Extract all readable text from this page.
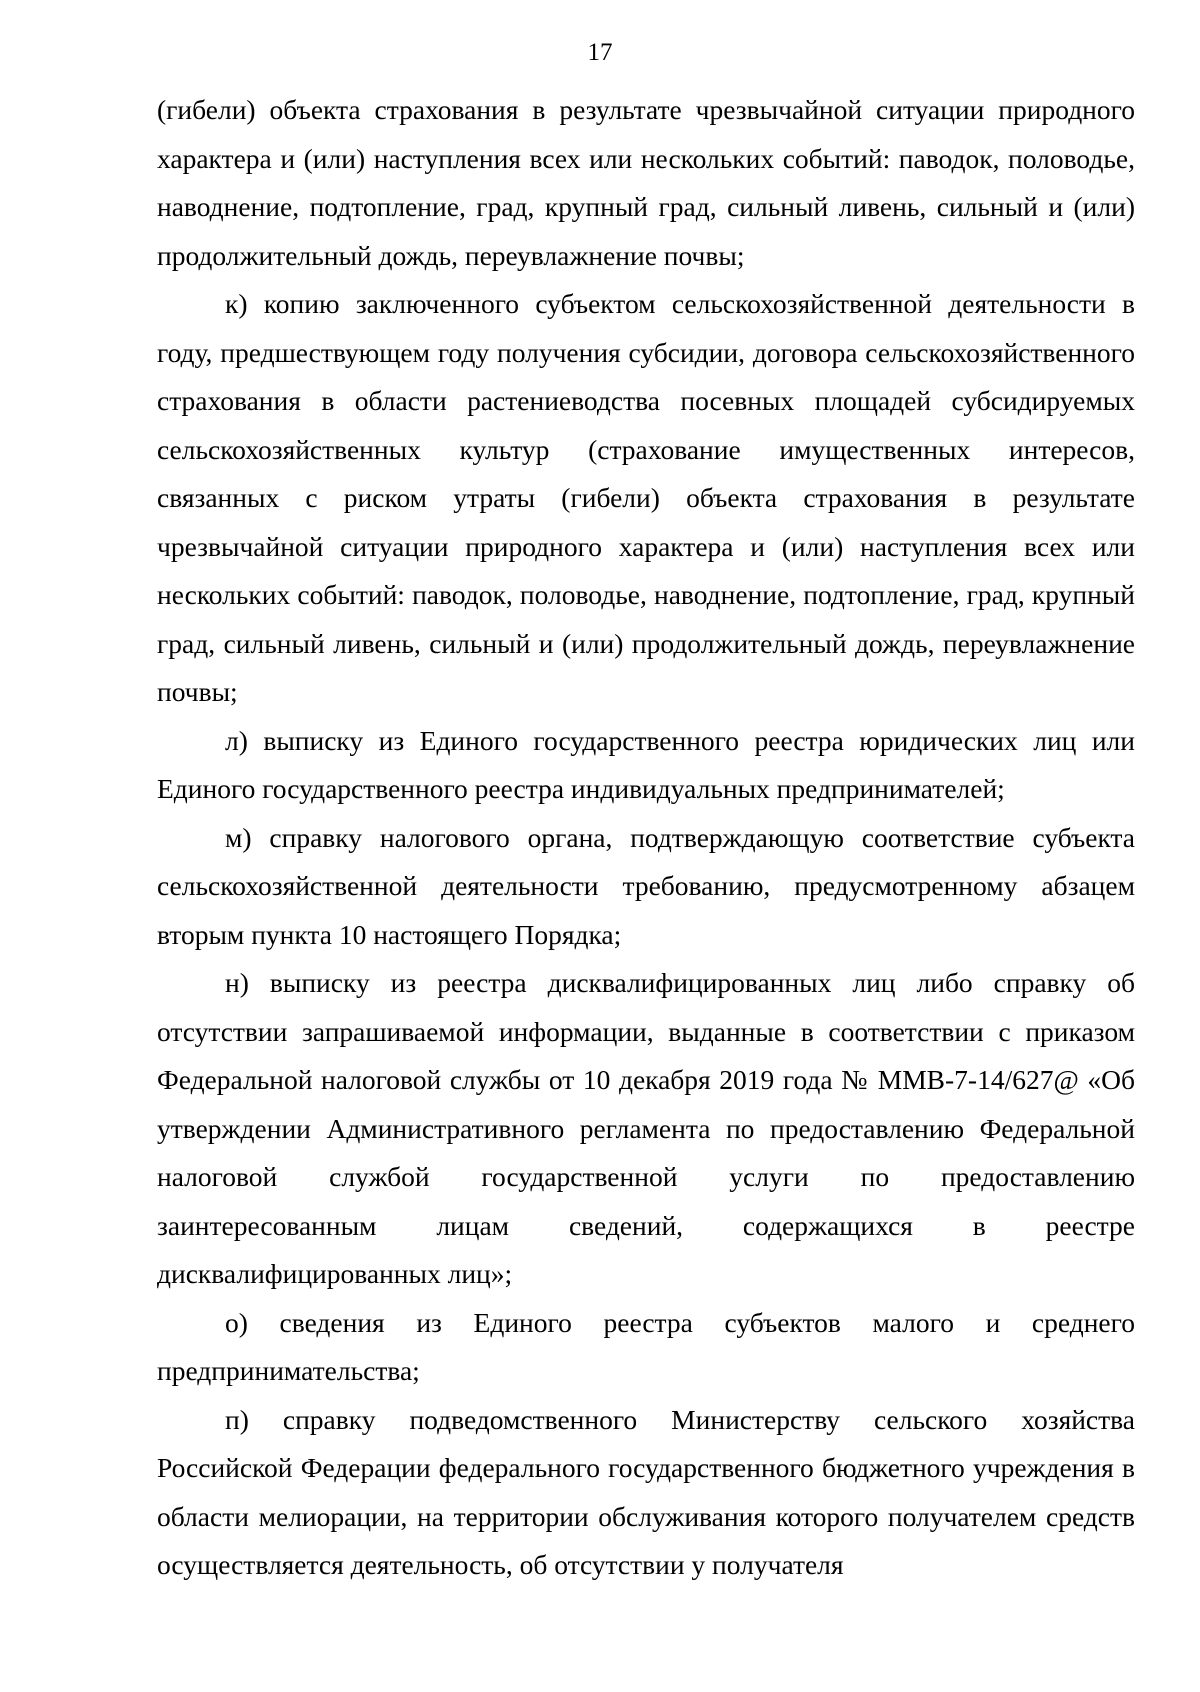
17

(гибели) объекта страхования в результате чрезвычайной ситуации природного характера и (или) наступления всех или нескольких событий: паводок, половодье, наводнение, подтопление, град, крупный град, сильный ливень, сильный и (или) продолжительный дождь, переувлажнение почвы;

к) копию заключенного субъектом сельскохозяйственной деятельности в году, предшествующем году получения субсидии, договора сельскохозяйственного страхования в области растениеводства посевных площадей субсидируемых сельскохозяйственных культур (страхование имущественных интересов, связанных с риском утраты (гибели) объекта страхования в результате чрезвычайной ситуации природного характера и (или) наступления всех или нескольких событий: паводок, половодье, наводнение, подтопление, град, крупный град, сильный ливень, сильный и (или) продолжительный дождь, переувлажнение почвы;

л) выписку из Единого государственного реестра юридических лиц или Единого государственного реестра индивидуальных предпринимателей;

м) справку налогового органа, подтверждающую соответствие субъекта сельскохозяйственной деятельности требованию, предусмотренному абзацем вторым пункта 10 настоящего Порядка;

н) выписку из реестра дисквалифицированных лиц либо справку об отсутствии запрашиваемой информации, выданные в соответствии с приказом Федеральной налоговой службы от 10 декабря 2019 года № ММВ-7-14/627@ «Об утверждении Административного регламента по предоставлению Федеральной налоговой службой государственной услуги по предоставлению заинтересованным лицам сведений, содержащихся в реестре дисквалифицированных лиц»;

о) сведения из Единого реестра субъектов малого и среднего предпринимательства;

п) справку подведомственного Министерству сельского хозяйства Российской Федерации федерального государственного бюджетного учреждения в области мелиорации, на территории обслуживания которого получателем средств осуществляется деятельность, об отсутствии у получателя
